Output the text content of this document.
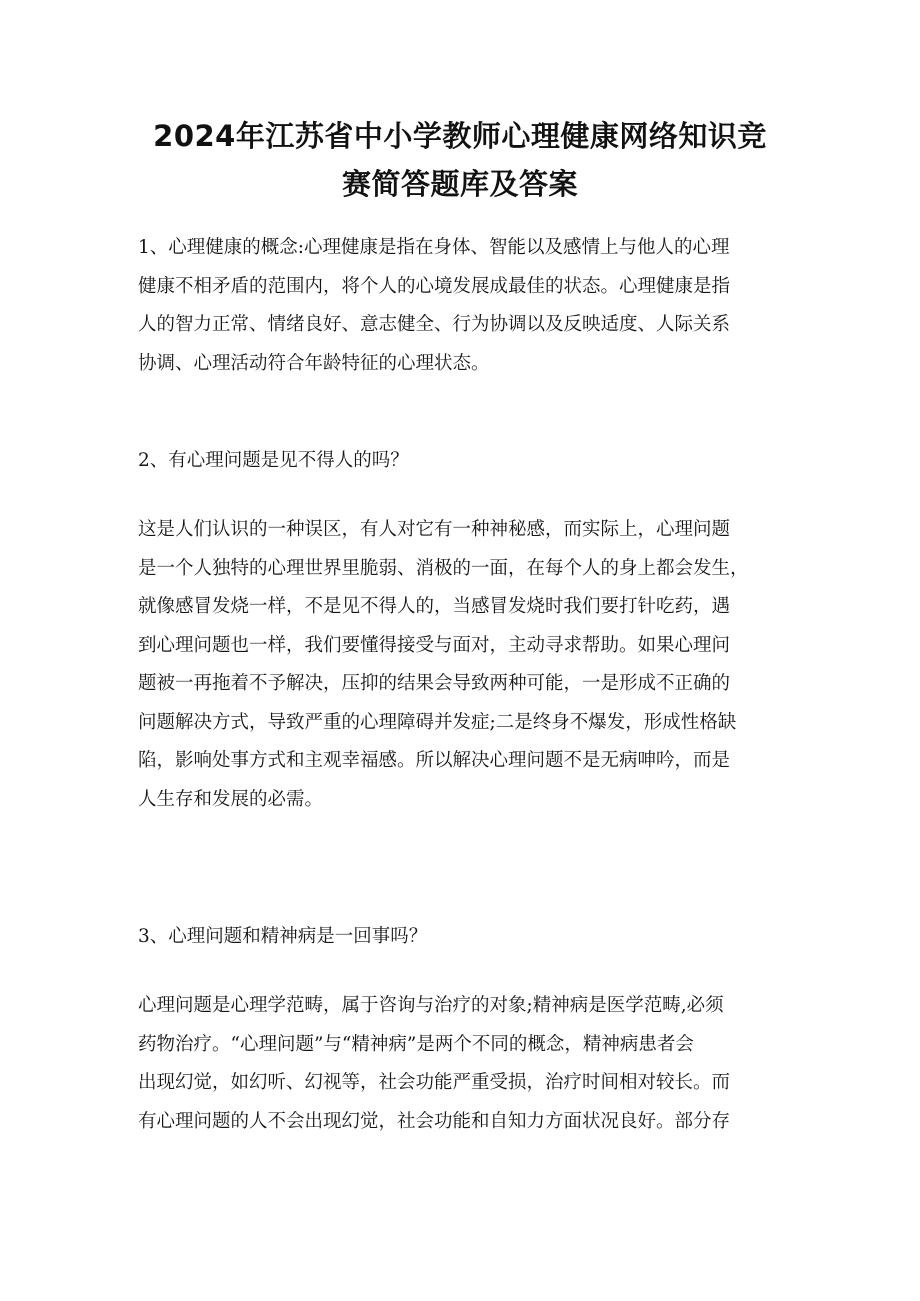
2024年江苏省中小学教师心理健康网络知识竞
赛简答题库及答案
1、心理健康的概念:心理健康是指在身体、智能以及感情上与他人的心理
健康不相矛盾的范围内，将个人的心境发展成最佳的状态。心理健康是指
人的智力正常、情绪良好、意志健全、行为协调以及反映适度、人际关系
协调、心理活动符合年龄特征的心理状态。
2、有心理问题是见不得人的吗？
这是人们认识的一种误区，有人对它有一种神秘感，而实际上，心理问题
是一个人独特的心理世界里脆弱、消极的一面，在每个人的身上都会发生，
就像感冒发烧一样，不是见不得人的，当感冒发烧时我们要打针吃药，遇
到心理问题也一样，我们要懂得接受与面对，主动寻求帮助。如果心理问
题被一再拖着不予解决，压抑的结果会导致两种可能，一是形成不正确的
问题解决方式，导致严重的心理障碍并发症;二是终身不爆发，形成性格缺
陷，影响处事方式和主观幸福感。所以解决心理问题不是无病呻吟，而是
人生存和发展的必需。
3、心理问题和精神病是一回事吗？
心理问题是心理学范畴，属于咨询与治疗的对象;精神病是医学范畴,必须
药物治疗。“心理问题”与“精神病”是两个不同的概念，精神病患者会
出现幻觉，如幻听、幻视等，社会功能严重受损，治疗时间相对较长。而
有心理问题的人不会出现幻觉，社会功能和自知力方面状况良好。部分存
